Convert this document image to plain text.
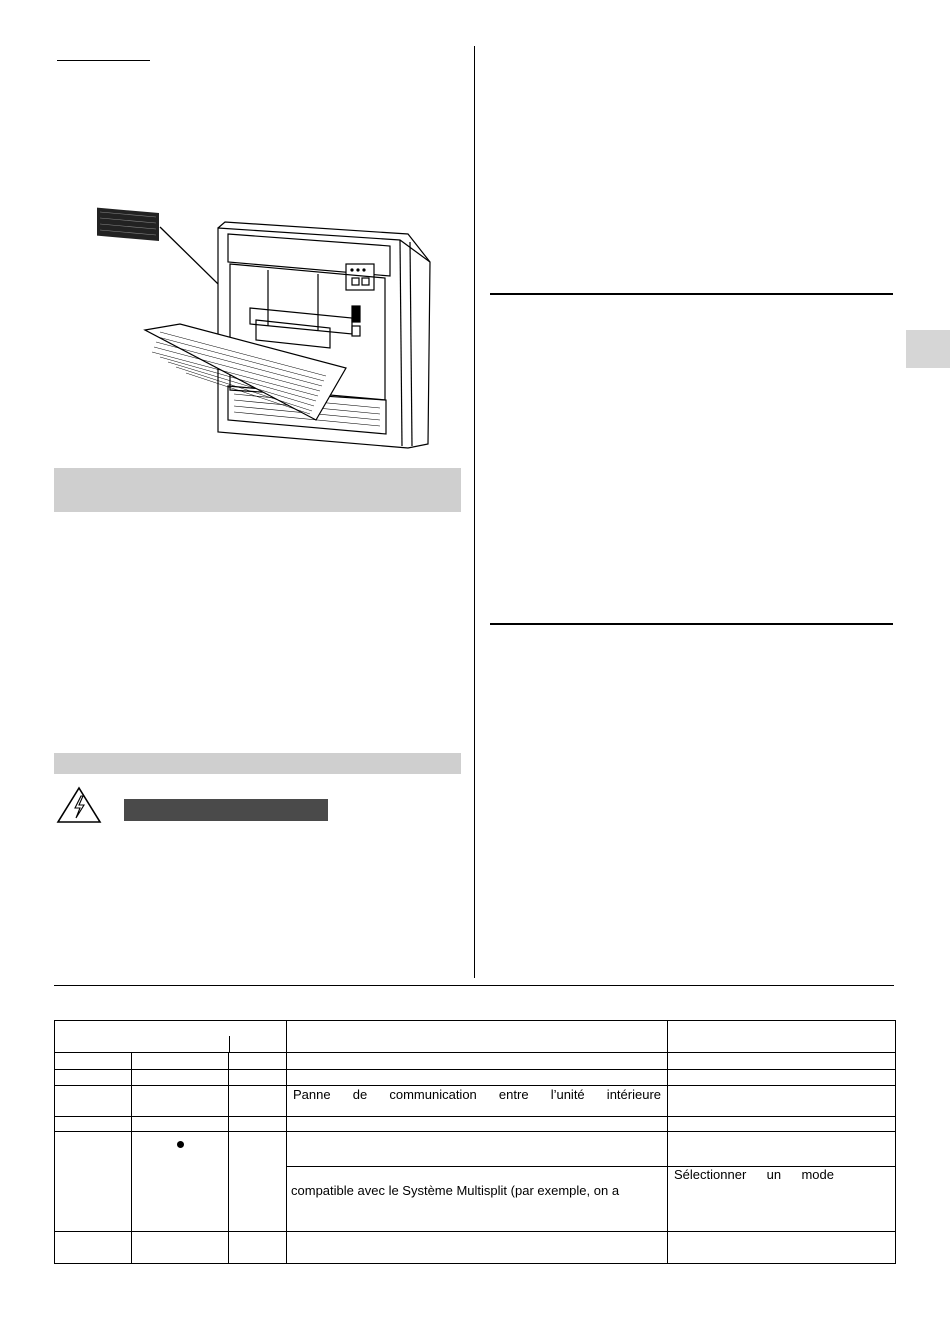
			Panne de communication entre l’unité intérieure	

			compatible avec le Système Multisplit (par exemple, on a	Sélectionner un mode
